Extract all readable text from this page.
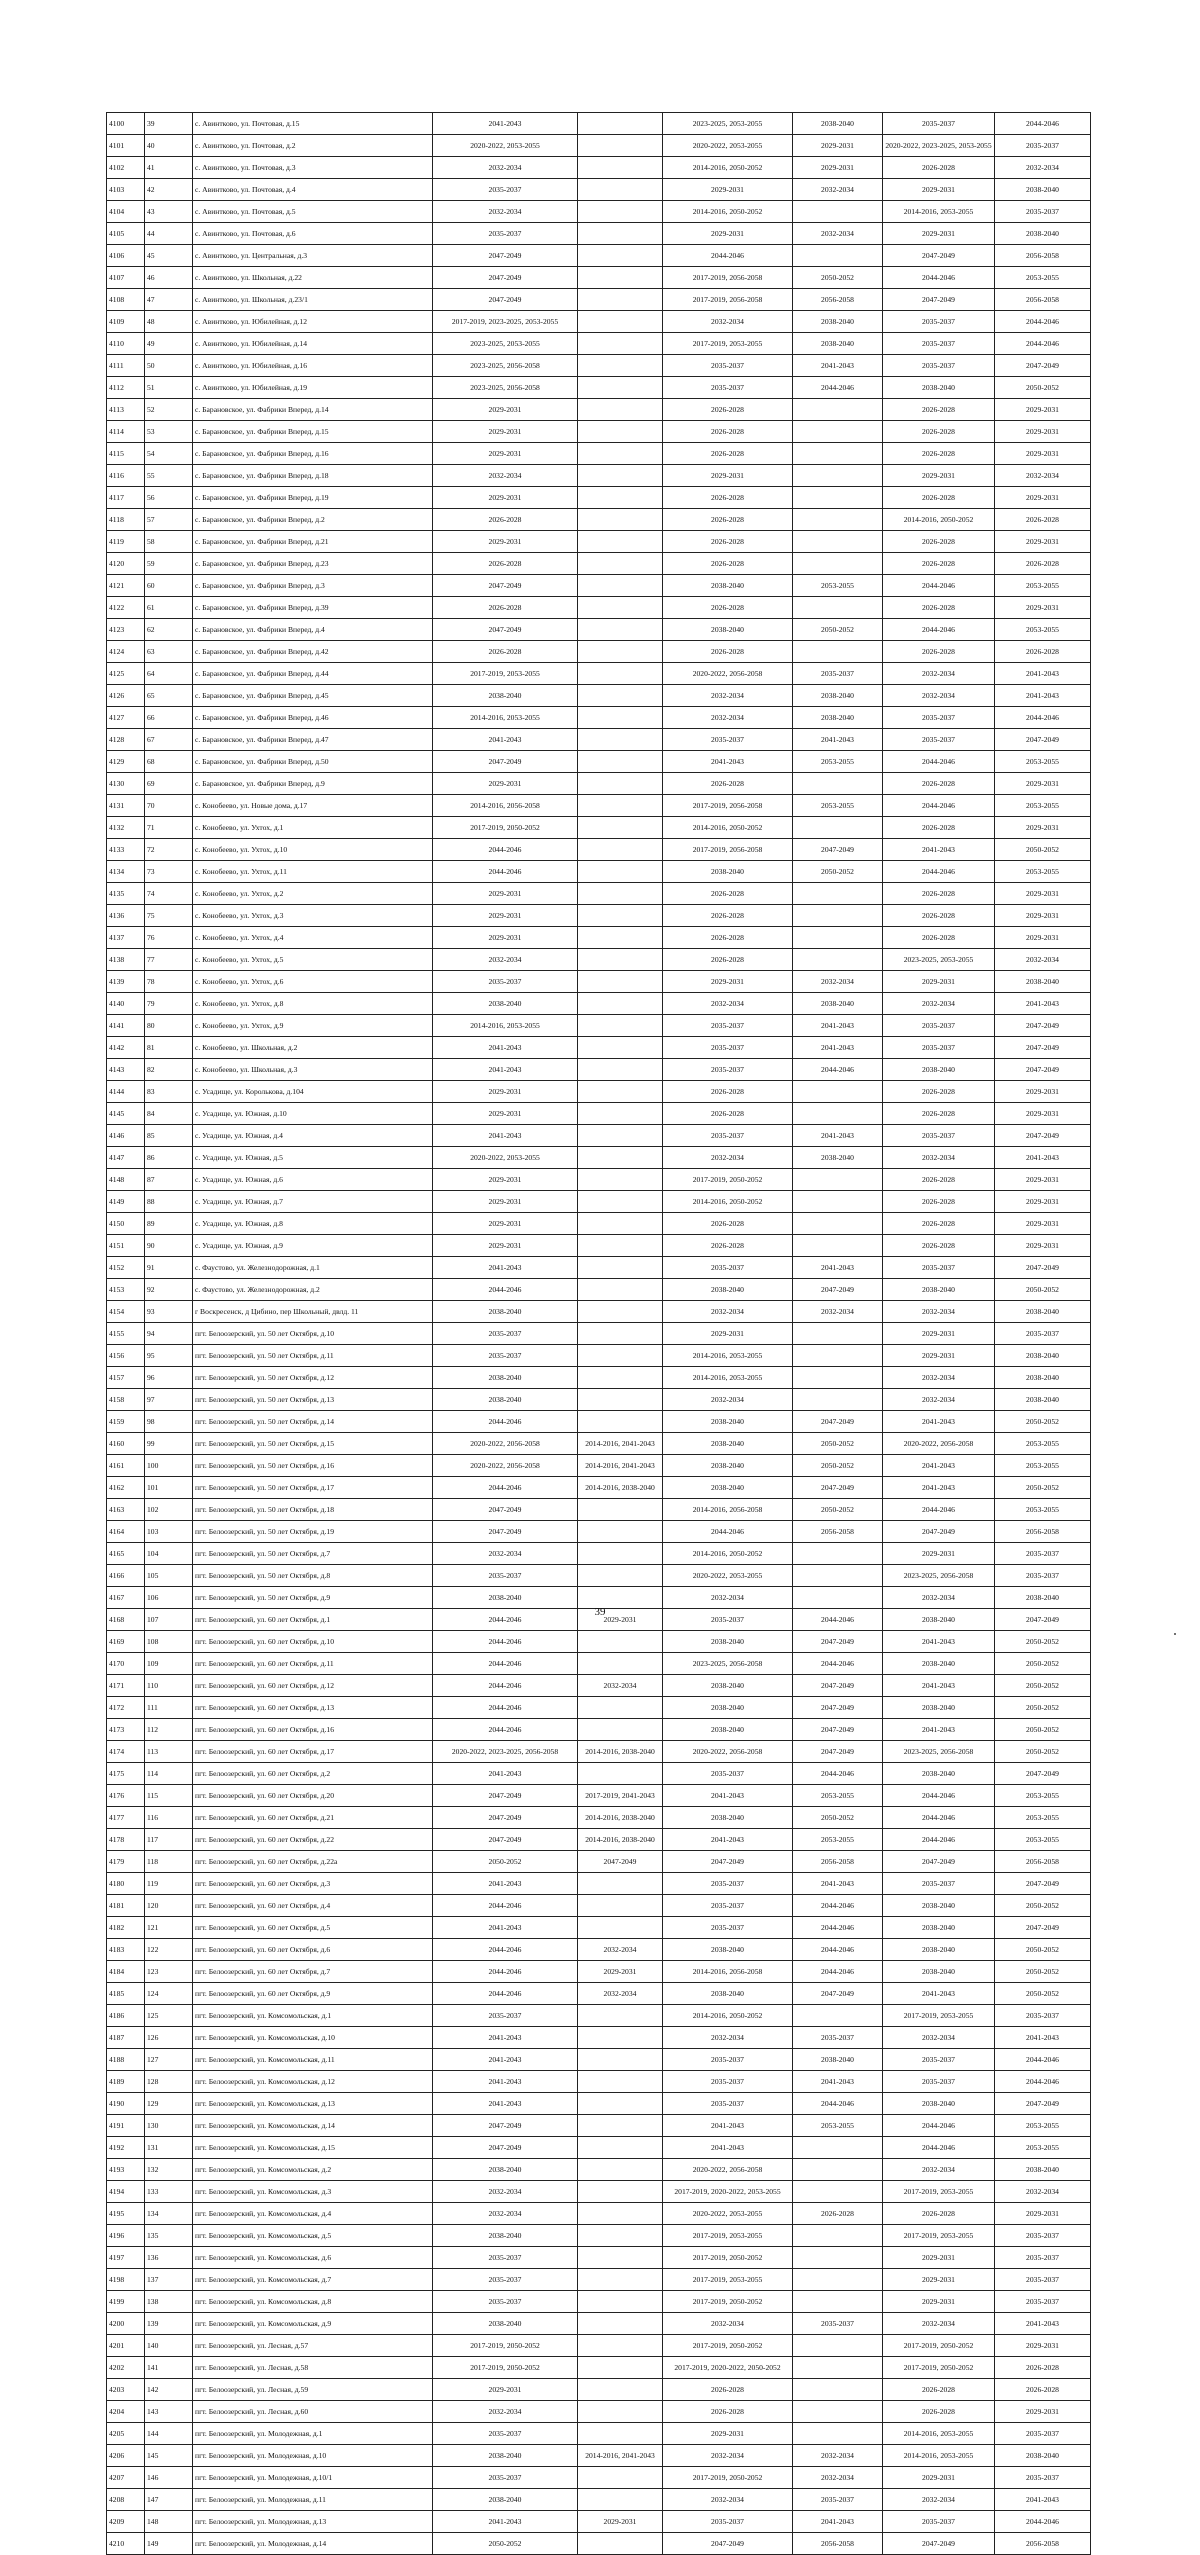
4100	39	с. Авинтково, ул. Почтовая, д.15	2041-2043		2023-2025, 2053-2055	2038-2040	2035-2037	2044-2046
4101	40	с. Авинтково, ул. Почтовая, д.2	2020-2022, 2053-2055		2020-2022, 2053-2055	2029-2031	2020-2022, 2023-2025, 2053-2055	2035-2037
4102	41	с. Авинтково, ул. Почтовая, д.3	2032-2034		2014-2016, 2050-2052	2029-2031	2026-2028	2032-2034
4103	42	с. Авинтково, ул. Почтовая, д.4	2035-2037		2029-2031	2032-2034	2029-2031	2038-2040
4104	43	с. Авинтково, ул. Почтовая, д.5	2032-2034		2014-2016, 2050-2052		2014-2016, 2053-2055	2035-2037
4105	44	с. Авинтково, ул. Почтовая, д.6	2035-2037		2029-2031	2032-2034	2029-2031	2038-2040
4106	45	с. Авинтково, ул. Центральная, д.3	2047-2049		2044-2046		2047-2049	2056-2058
4107	46	с. Авинтково, ул. Школьная, д.22	2047-2049		2017-2019, 2056-2058	2050-2052	2044-2046	2053-2055
4108	47	с. Авинтково, ул. Школьная, д.23/1	2047-2049		2017-2019, 2056-2058	2056-2058	2047-2049	2056-2058
4109	48	с. Авинтково, ул. Юбилейная, д.12	2017-2019, 2023-2025, 2053-2055		2032-2034	2038-2040	2035-2037	2044-2046
4110	49	с. Авинтково, ул. Юбилейная, д.14	2023-2025, 2053-2055		2017-2019, 2053-2055	2038-2040	2035-2037	2044-2046
4111	50	с. Авинтково, ул. Юбилейная, д.16	2023-2025, 2056-2058		2035-2037	2041-2043	2035-2037	2047-2049
4112	51	с. Авинтково, ул. Юбилейная, д.19	2023-2025, 2056-2058		2035-2037	2044-2046	2038-2040	2050-2052
4113	52	с. Барановское, ул. Фабрики Вперед, д.14	2029-2031		2026-2028		2026-2028	2029-2031
4114	53	с. Барановское, ул. Фабрики Вперед, д.15	2029-2031		2026-2028		2026-2028	2029-2031
4115	54	с. Барановское, ул. Фабрики Вперед, д.16	2029-2031		2026-2028		2026-2028	2029-2031
4116	55	с. Барановское, ул. Фабрики Вперед, д.18	2032-2034		2029-2031		2029-2031	2032-2034
4117	56	с. Барановское, ул. Фабрики Вперед, д.19	2029-2031		2026-2028		2026-2028	2029-2031
4118	57	с. Барановское, ул. Фабрики Вперед, д.2	2026-2028		2026-2028		2014-2016, 2050-2052	2026-2028
4119	58	с. Барановское, ул. Фабрики Вперед, д.21	2029-2031		2026-2028		2026-2028	2029-2031
4120	59	с. Барановское, ул. Фабрики Вперед, д.23	2026-2028		2026-2028		2026-2028	2026-2028
4121	60	с. Барановское, ул. Фабрики Вперед, д.3	2047-2049		2038-2040	2053-2055	2044-2046	2053-2055
4122	61	с. Барановское, ул. Фабрики Вперед, д.39	2026-2028		2026-2028		2026-2028	2029-2031
4123	62	с. Барановское, ул. Фабрики Вперед, д.4	2047-2049		2038-2040	2050-2052	2044-2046	2053-2055
4124	63	с. Барановское, ул. Фабрики Вперед, д.42	2026-2028		2026-2028		2026-2028	2026-2028
4125	64	с. Барановское, ул. Фабрики Вперед, д.44	2017-2019, 2053-2055		2020-2022, 2056-2058	2035-2037	2032-2034	2041-2043
4126	65	с. Барановское, ул. Фабрики Вперед, д.45	2038-2040		2032-2034	2038-2040	2032-2034	2041-2043
4127	66	с. Барановское, ул. Фабрики Вперед, д.46	2014-2016, 2053-2055		2032-2034	2038-2040	2035-2037	2044-2046
4128	67	с. Барановское, ул. Фабрики Вперед, д.47	2041-2043		2035-2037	2041-2043	2035-2037	2047-2049
4129	68	с. Барановское, ул. Фабрики Вперед, д.50	2047-2049		2041-2043	2053-2055	2044-2046	2053-2055
4130	69	с. Барановское, ул. Фабрики Вперед, д.9	2029-2031		2026-2028		2026-2028	2029-2031
4131	70	с. Конобеево, ул. Новые дома, д.17	2014-2016, 2056-2058		2017-2019, 2056-2058	2053-2055	2044-2046	2053-2055
4132	71	с. Конобеево, ул. Ухтох, д.1	2017-2019, 2050-2052		2014-2016, 2050-2052		2026-2028	2029-2031
4133	72	с. Конобеево, ул. Ухтох, д.10	2044-2046		2017-2019, 2056-2058	2047-2049	2041-2043	2050-2052
4134	73	с. Конобеево, ул. Ухтох, д.11	2044-2046		2038-2040	2050-2052	2044-2046	2053-2055
4135	74	с. Конобеево, ул. Ухтох, д.2	2029-2031		2026-2028		2026-2028	2029-2031
4136	75	с. Конобеево, ул. Ухтох, д.3	2029-2031		2026-2028		2026-2028	2029-2031
4137	76	с. Конобеево, ул. Ухтох, д.4	2029-2031		2026-2028		2026-2028	2029-2031
4138	77	с. Конобеево, ул. Ухтох, д.5	2032-2034		2026-2028		2023-2025, 2053-2055	2032-2034
4139	78	с. Конобеево, ул. Ухтох, д.6	2035-2037		2029-2031	2032-2034	2029-2031	2038-2040
4140	79	с. Конобеево, ул. Ухтох, д.8	2038-2040		2032-2034	2038-2040	2032-2034	2041-2043
4141	80	с. Конобеево, ул. Ухтох, д.9	2014-2016, 2053-2055		2035-2037	2041-2043	2035-2037	2047-2049
4142	81	с. Конобеево, ул. Школьная, д.2	2041-2043		2035-2037	2041-2043	2035-2037	2047-2049
4143	82	с. Конобеево, ул. Школьная, д.3	2041-2043		2035-2037	2044-2046	2038-2040	2047-2049
4144	83	с. Усадище, ул. Корольковa, д.104	2029-2031		2026-2028		2026-2028	2029-2031
4145	84	с. Усадище, ул. Южная, д.10	2029-2031		2026-2028		2026-2028	2029-2031
4146	85	с. Усадище, ул. Южная, д.4	2041-2043		2035-2037	2041-2043	2035-2037	2047-2049
4147	86	с. Усадище, ул. Южная, д.5	2020-2022, 2053-2055		2032-2034	2038-2040	2032-2034	2041-2043
4148	87	с. Усадище, ул. Южная, д.6	2029-2031		2017-2019, 2050-2052		2026-2028	2029-2031
4149	88	с. Усадище, ул. Южная, д.7	2029-2031		2014-2016, 2050-2052		2026-2028	2029-2031
4150	89	с. Усадище, ул. Южная, д.8	2029-2031		2026-2028		2026-2028	2029-2031
4151	90	с. Усадище, ул. Южная, д.9	2029-2031		2026-2028		2026-2028	2029-2031
4152	91	с. Фаустово, ул. Железнодорожная, д.1	2041-2043		2035-2037	2041-2043	2035-2037	2047-2049
4153	92	с. Фаустово, ул. Железнодорожная, д.2	2044-2046		2038-2040	2047-2049	2038-2040	2050-2052
4154	93	г Воскресенск, д Цибино, пер Школьный, двлд. 11	2038-2040		2032-2034	2032-2034	2032-2034	2038-2040
4155	94	пгт. Белоозерский, ул. 50 лет Октября, д.10	2035-2037		2029-2031		2029-2031	2035-2037
4156	95	пгт. Белоозерский, ул. 50 лет Октября, д.11	2035-2037		2014-2016, 2053-2055		2029-2031	2038-2040
4157	96	пгт. Белоозерский, ул. 50 лет Октября, д.12	2038-2040		2014-2016, 2053-2055		2032-2034	2038-2040
4158	97	пгт. Белоозерский, ул. 50 лет Октября, д.13	2038-2040		2032-2034		2032-2034	2038-2040
4159	98	пгт. Белоозерский, ул. 50 лет Октября, д.14	2044-2046		2038-2040	2047-2049	2041-2043	2050-2052
4160	99	пгт. Белоозерский, ул. 50 лет Октября, д.15	2020-2022, 2056-2058	2014-2016, 2041-2043	2038-2040	2050-2052	2020-2022, 2056-2058	2053-2055
4161	100	пгт. Белоозерский, ул. 50 лет Октября, д.16	2020-2022, 2056-2058	2014-2016, 2041-2043	2038-2040	2050-2052	2041-2043	2053-2055
4162	101	пгт. Белоозерский, ул. 50 лет Октября, д.17	2044-2046	2014-2016, 2038-2040	2038-2040	2047-2049	2041-2043	2050-2052
4163	102	пгт. Белоозерский, ул. 50 лет Октября, д.18	2047-2049		2014-2016, 2056-2058	2050-2052	2044-2046	2053-2055
4164	103	пгт. Белоозерский, ул. 50 лет Октября, д.19	2047-2049		2044-2046	2056-2058	2047-2049	2056-2058
4165	104	пгт. Белоозерский, ул. 50 лет Октября, д.7	2032-2034		2014-2016, 2050-2052		2029-2031	2035-2037
4166	105	пгт. Белоозерский, ул. 50 лет Октября, д.8	2035-2037		2020-2022, 2053-2055		2023-2025, 2056-2058	2035-2037
4167	106	пгт. Белоозерский, ул. 50 лет Октября, д.9	2038-2040		2032-2034		2032-2034	2038-2040
4168	107	пгт. Белоозерский, ул. 60 лет Октября, д.1	2044-2046	2029-2031	2035-2037	2044-2046	2038-2040	2047-2049
4169	108	пгт. Белоозерский, ул. 60 лет Октября, д.10	2044-2046		2038-2040	2047-2049	2041-2043	2050-2052
4170	109	пгт. Белоозерский, ул. 60 лет Октября, д.11	2044-2046		2023-2025, 2056-2058	2044-2046	2038-2040	2050-2052
4171	110	пгт. Белоозерский, ул. 60 лет Октября, д.12	2044-2046	2032-2034	2038-2040	2047-2049	2041-2043	2050-2052
4172	111	пгт. Белоозерский, ул. 60 лет Октября, д.13	2044-2046		2038-2040	2047-2049	2038-2040	2050-2052
4173	112	пгт. Белоозерский, ул. 60 лет Октября, д.16	2044-2046		2038-2040	2047-2049	2041-2043	2050-2052
4174	113	пгт. Белоозерский, ул. 60 лет Октября, д.17	2020-2022, 2023-2025, 2056-2058	2014-2016, 2038-2040	2020-2022, 2056-2058	2047-2049	2023-2025, 2056-2058	2050-2052
4175	114	пгт. Белоозерский, ул. 60 лет Октября, д.2	2041-2043		2035-2037	2044-2046	2038-2040	2047-2049
4176	115	пгт. Белоозерский, ул. 60 лет Октября, д.20	2047-2049	2017-2019, 2041-2043	2041-2043	2053-2055	2044-2046	2053-2055
4177	116	пгт. Белоозерский, ул. 60 лет Октября, д.21	2047-2049	2014-2016, 2038-2040	2038-2040	2050-2052	2044-2046	2053-2055
4178	117	пгт. Белоозерский, ул. 60 лет Октября, д.22	2047-2049	2014-2016, 2038-2040	2041-2043	2053-2055	2044-2046	2053-2055
4179	118	пгт. Белоозерский, ул. 60 лет Октября, д.22а	2050-2052	2047-2049	2047-2049	2056-2058	2047-2049	2056-2058
4180	119	пгт. Белоозерский, ул. 60 лет Октября, д.3	2041-2043		2035-2037	2041-2043	2035-2037	2047-2049
4181	120	пгт. Белоозерский, ул. 60 лет Октября, д.4	2044-2046		2035-2037	2044-2046	2038-2040	2050-2052
4182	121	пгт. Белоозерский, ул. 60 лет Октября, д.5	2041-2043		2035-2037	2044-2046	2038-2040	2047-2049
4183	122	пгт. Белоозерский, ул. 60 лет Октября, д.6	2044-2046	2032-2034	2038-2040	2044-2046	2038-2040	2050-2052
4184	123	пгт. Белоозерский, ул. 60 лет Октября, д.7	2044-2046	2029-2031	2014-2016, 2056-2058	2044-2046	2038-2040	2050-2052
4185	124	пгт. Белоозерский, ул. 60 лет Октября, д.9	2044-2046	2032-2034	2038-2040	2047-2049	2041-2043	2050-2052
4186	125	пгт. Белоозерский, ул. Комсомольская, д.1	2035-2037		2014-2016, 2050-2052		2017-2019, 2053-2055	2035-2037
4187	126	пгт. Белоозерский, ул. Комсомольская, д.10	2041-2043		2032-2034	2035-2037	2032-2034	2041-2043
4188	127	пгт. Белоозерский, ул. Комсомольская, д.11	2041-2043		2035-2037	2038-2040	2035-2037	2044-2046
4189	128	пгт. Белоозерский, ул. Комсомольская, д.12	2041-2043		2035-2037	2041-2043	2035-2037	2044-2046
4190	129	пгт. Белоозерский, ул. Комсомольская, д.13	2041-2043		2035-2037	2044-2046	2038-2040	2047-2049
4191	130	пгт. Белоозерский, ул. Комсомольская, д.14	2047-2049		2041-2043	2053-2055	2044-2046	2053-2055
4192	131	пгт. Белоозерский, ул. Комсомольская, д.15	2047-2049		2041-2043		2044-2046	2053-2055
4193	132	пгт. Белоозерский, ул. Комсомольская, д.2	2038-2040		2020-2022, 2056-2058		2032-2034	2038-2040
4194	133	пгт. Белоозерский, ул. Комсомольская, д.3	2032-2034		2017-2019, 2020-2022, 2053-2055		2017-2019, 2053-2055	2032-2034
4195	134	пгт. Белоозерский, ул. Комсомольская, д.4	2032-2034		2020-2022, 2053-2055	2026-2028	2026-2028	2029-2031
4196	135	пгт. Белоозерский, ул. Комсомольская, д.5	2038-2040		2017-2019, 2053-2055		2017-2019, 2053-2055	2035-2037
4197	136	пгт. Белоозерский, ул. Комсомольская, д.6	2035-2037		2017-2019, 2050-2052		2029-2031	2035-2037
4198	137	пгт. Белоозерский, ул. Комсомольская, д.7	2035-2037		2017-2019, 2053-2055		2029-2031	2035-2037
4199	138	пгт. Белоозерский, ул. Комсомольская, д.8	2035-2037		2017-2019, 2050-2052		2029-2031	2035-2037
4200	139	пгт. Белоозерский, ул. Комсомольская, д.9	2038-2040		2032-2034	2035-2037	2032-2034	2041-2043
4201	140	пгт. Белоозерский, ул. Лесная, д.57	2017-2019, 2050-2052		2017-2019, 2050-2052		2017-2019, 2050-2052	2029-2031
4202	141	пгт. Белоозерский, ул. Лесная, д.58	2017-2019, 2050-2052		2017-2019, 2020-2022, 2050-2052		2017-2019, 2050-2052	2026-2028
4203	142	пгт. Белоозерский, ул. Лесная, д.59	2029-2031		2026-2028		2026-2028	2026-2028
4204	143	пгт. Белоозерский, ул. Лесная, д.60	2032-2034		2026-2028		2026-2028	2029-2031
4205	144	пгт. Белоозерский, ул. Молодежная, д.1	2035-2037		2029-2031		2014-2016, 2053-2055	2035-2037
4206	145	пгт. Белоозерский, ул. Молодежная, д.10	2038-2040	2014-2016, 2041-2043	2032-2034	2032-2034	2014-2016, 2053-2055	2038-2040
4207	146	пгт. Белоозерский, ул. Молодежная, д.10/1	2035-2037		2017-2019, 2050-2052	2032-2034	2029-2031	2035-2037
4208	147	пгт. Белоозерский, ул. Молодежная, д.11	2038-2040		2032-2034	2035-2037	2032-2034	2041-2043
4209	148	пгт. Белоозерский, ул. Молодежная, д.13	2041-2043	2029-2031	2035-2037	2041-2043	2035-2037	2044-2046
4210	149	пгт. Белоозерский, ул. Молодежная, д.14	2050-2052		2047-2049	2056-2058	2047-2049	2056-2058
39
